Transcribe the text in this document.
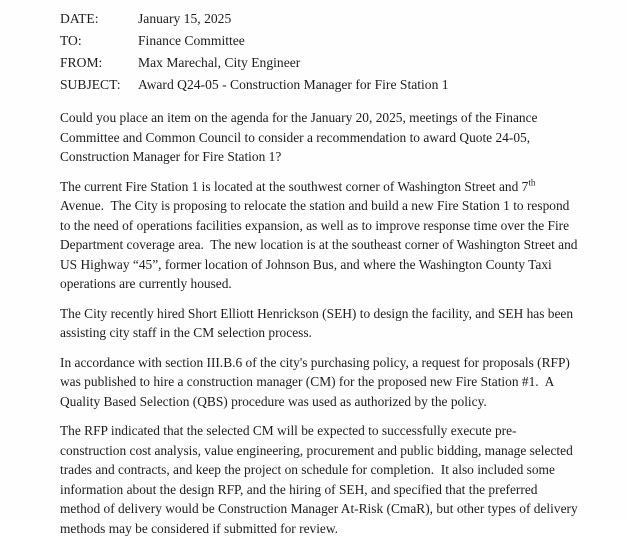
DATE:	January 15, 2025
TO:	Finance Committee
FROM:	Max Marechal, City Engineer
SUBJECT:	Award Q24-05 - Construction Manager for Fire Station 1
Could you place an item on the agenda for the January 20, 2025, meetings of the Finance
Committee and Common Council to consider a recommendation to award Quote 24-05,
Construction Manager for Fire Station 1?
The current Fire Station 1 is located at the southwest corner of Washington Street and 7th
Avenue.  The City is proposing to relocate the station and build a new Fire Station 1 to respond
to the need of operations facilities expansion, as well as to improve response time over the Fire
Department coverage area.  The new location is at the southeast corner of Washington Street and
US Highway “45”, former location of Johnson Bus, and where the Washington County Taxi
operations are currently housed.
The City recently hired Short Elliott Henrickson (SEH) to design the facility, and SEH has been
assisting city staff in the CM selection process.
In accordance with section III.B.6 of the city's purchasing policy, a request for proposals (RFP)
was published to hire a construction manager (CM) for the proposed new Fire Station #1.  A
Quality Based Selection (QBS) procedure was used as authorized by the policy.
The RFP indicated that the selected CM will be expected to successfully execute pre-
construction cost analysis, value engineering, procurement and public bidding, manage selected
trades and contracts, and keep the project on schedule for completion.  It also included some
information about the design RFP, and the hiring of SEH, and specified that the preferred
method of delivery would be Construction Manager At-Risk (CmaR), but other types of delivery
methods may be considered if submitted for review.
